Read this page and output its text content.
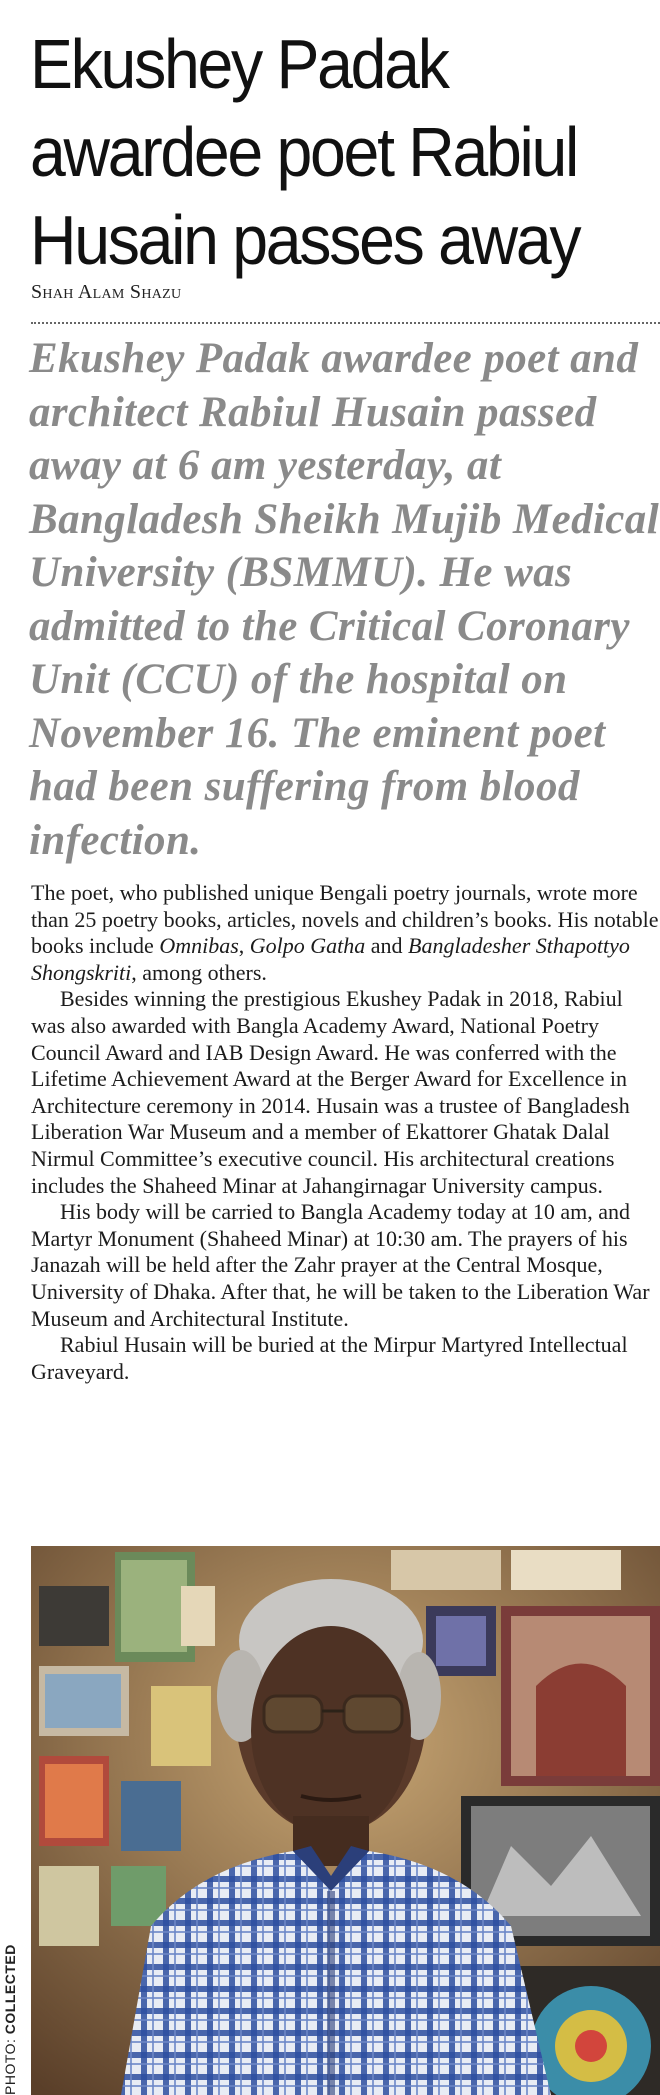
Ekushey Padak awardee poet Rabiul Husain passes away
Shah Alam Shazu

Ekushey Padak awardee poet and architect Rabiul Husain passed away at 6 am yesterday, at Bangladesh Sheikh Mujib Medical University (BSMMU). He was admitted to the Critical Coronary Unit (CCU) of the hospital on November 16. The eminent poet had been suffering from blood infection.

The poet, who published unique Bengali poetry journals, wrote more than 25 poetry books, articles, novels and children’s books. His notable books include Omnibas, Golpo Gatha and Bangladesher Sthapottyo Shongskriti, among others.

Besides winning the prestigious Ekushey Padak in 2018, Rabiul was also awarded with Bangla Academy Award, National Poetry Council Award and IAB Design Award. He was conferred with the Lifetime Achievement Award at the Berger Award for Excellence in Architecture ceremony in 2014. Husain was a trustee of Bangladesh Liberation War Museum and a member of Ekattorer Ghatak Dalal Nirmul Committee’s executive council. His architectural creations includes the Shaheed Minar at Jahangirnagar University campus.

His body will be carried to Bangla Academy today at 10 am, and Martyr Monument (Shaheed Minar) at 10:30 am. The prayers of his Janazah will be held after the Zahr prayer at the Central Mosque, University of Dhaka. After that, he will be taken to the Liberation War Museum and Architectural Institute.

Rabiul Husain will be buried at the Mirpur Martyred Intellectual Graveyard.

PHOTO: COLLECTED
